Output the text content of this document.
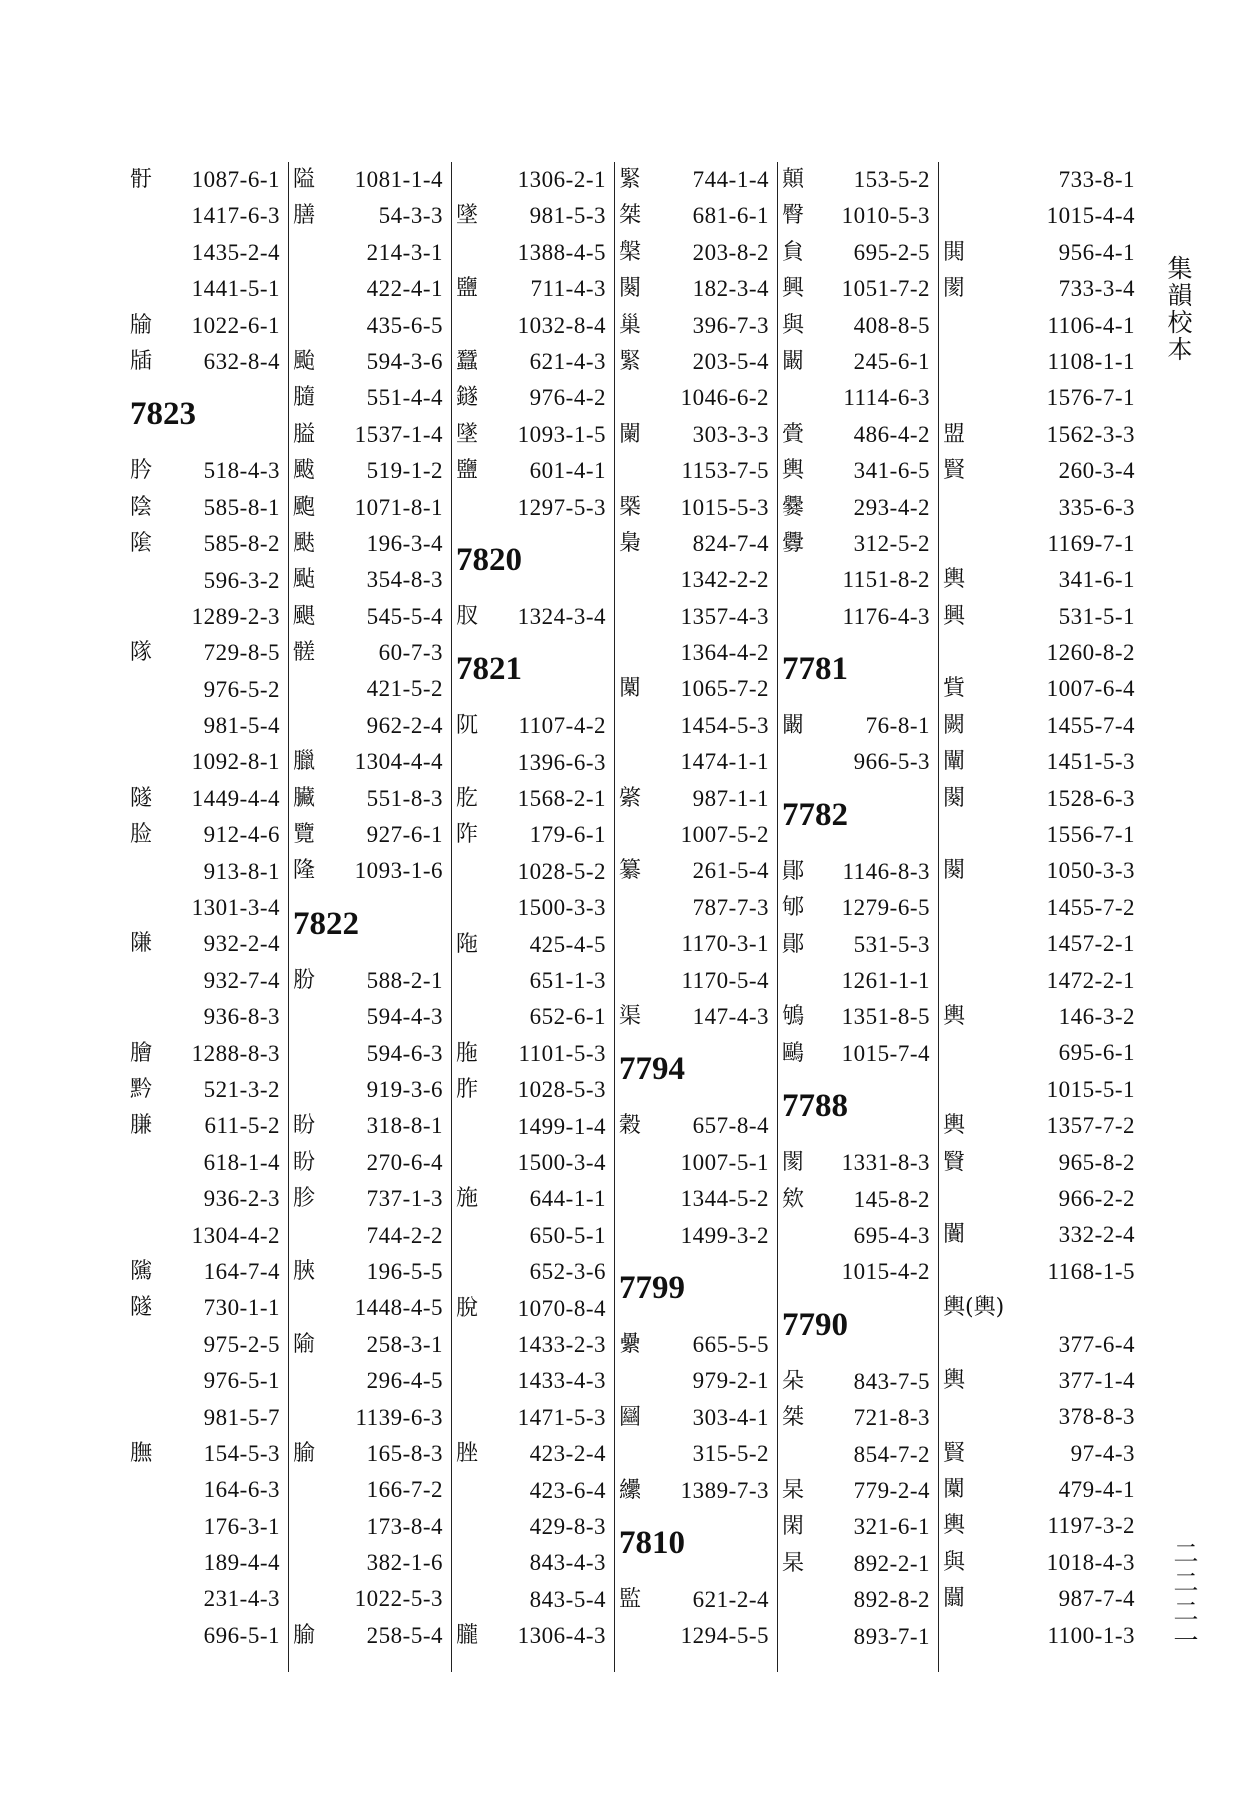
骬 1087-6-1
1417-6-3
1435-2-4
1441-5-1
牏 1022-6-1
牐 632-8-4
7823
肣 518-4-3
陰 585-8-1
隂 585-8-2
596-3-2
1289-2-3
隊 729-8-5
976-5-2
981-5-4
1092-8-1
隧 1449-4-4
脸 912-4-6
913-8-1
1301-3-4
隒 932-2-4
932-7-4
936-8-3
膾 1288-8-3
黔 521-3-2
膁 611-5-2
618-1-4
936-2-3
1304-4-2
隲 164-7-4
隧 730-1-1
975-2-5
976-5-1
981-5-7
膴 154-5-3
164-6-3
176-3-1
189-4-4
231-4-3
696-5-1
隘 1081-1-4
膳	54-3-3
214-3-1
422-4-1
435-6-5
颱 594-3-6
膸 551-4-4
膉 1537-1-4
颰 519-1-2
颮 1071-8-1
颫 196-3-4
颭 354-8-3
颶 545-5-4
髊	60-7-3
421-5-2
962-2-4
臘 1304-4-4
臟 551-8-3
覽 927-6-1
隆 1093-1-6
7822
肦 588-2-1
594-4-3
594-6-3
919-3-6
盼 318-8-1
盼 270-6-4
胗 737-1-3
744-2-2
脥 196-5-5
1448-4-5
隃 258-3-1
296-4-5
1139-6-3
腧 165-8-3
166-7-2
173-8-4
382-1-6
1022-5-3
腧 258-5-4
1306-2-1
墜 981-5-3
1388-4-5
鹽 711-4-3
1032-8-4
蠶 621-4-3
鐩 976-4-2
墜 1093-1-5
鹽 601-4-1
1297-5-3
7820
肞 1324-3-4
7821
阢 1107-4-2
1396-6-3
肐 1568-2-1
阼 179-6-1
1028-5-2
1500-3-3
陁 425-4-5
651-1-3
652-6-1
胣 1101-5-3
胙 1028-5-3
1499-1-4
1500-3-4
施 644-1-1
650-5-1
652-3-6
脫 1070-8-4
1433-2-3
1433-4-3
1471-5-3
脞 423-2-4
423-6-4
429-8-3
843-4-3
843-5-4
朧 1306-4-3
緊 744-1-4
桀 681-6-1
槃 203-8-2
闋 182-3-4
巢 396-7-3
緊 203-5-4
1046-6-2
闌 303-3-3
1153-7-5
槩 1015-5-3
梟 824-7-4
1342-2-2
1357-4-3
1364-4-2
闑 1065-7-2
1454-5-3
1474-1-1
綮 987-1-1
1007-5-2
纂 261-5-4
787-7-3
1170-3-1
1170-5-4
渠 147-4-3
7794
穀 657-8-4
1007-5-1
1344-5-2
1499-3-2
7799
纍 665-5-5
979-2-1
圝 303-4-1
315-5-2
纝 1389-7-3
7810
監 621-2-4
1294-5-5
顛 153-5-2
臀 1010-5-3
貟 695-2-5
興 1051-7-2
與 408-8-5
闞 245-6-1
1114-6-3
賫 486-4-2
輿 341-6-5
爨 293-4-2
釁 312-5-2
1151-8-2
1176-4-3
7781
闞	76-8-1
966-5-3
7782
鄖 1146-8-3
郇 1279-6-5
鄖 531-5-3
1261-1-1
鴝 1351-8-5
鷗 1015-7-4
7788
閡 1331-8-3
欸 145-8-2
695-4-3
1015-4-2
7790
朵 843-7-5
桀 721-8-3
854-7-2
杲 779-2-4
閑 321-6-1
杲 892-2-1
892-8-2
893-7-1
733-8-1
1015-4-4
閧	956-4-1
閡	733-3-4
1106-4-1
1108-1-1
1576-7-1
盟	1562-3-3
賢	260-3-4
335-6-3
1169-7-1
輿	341-6-1
興	531-5-1
1260-8-2
貲	1007-6-4
闕	1455-7-4
闡	1451-5-3
闋	1528-6-3
1556-7-1
闋	1050-3-3
1455-7-2
1457-2-1
1472-2-1
輿	146-3-2
695-6-1
1015-5-1
輿	1357-7-2
贀	965-8-2
966-2-2
闠	332-2-4
1168-1-5
輿(輿)
377-6-4
輿	377-1-4
378-8-3
賢	97-4-3
闑	479-4-1
輿	1197-3-2
與	1018-4-3
闒	987-7-4
1100-1-3
集韻校本
二二二一
